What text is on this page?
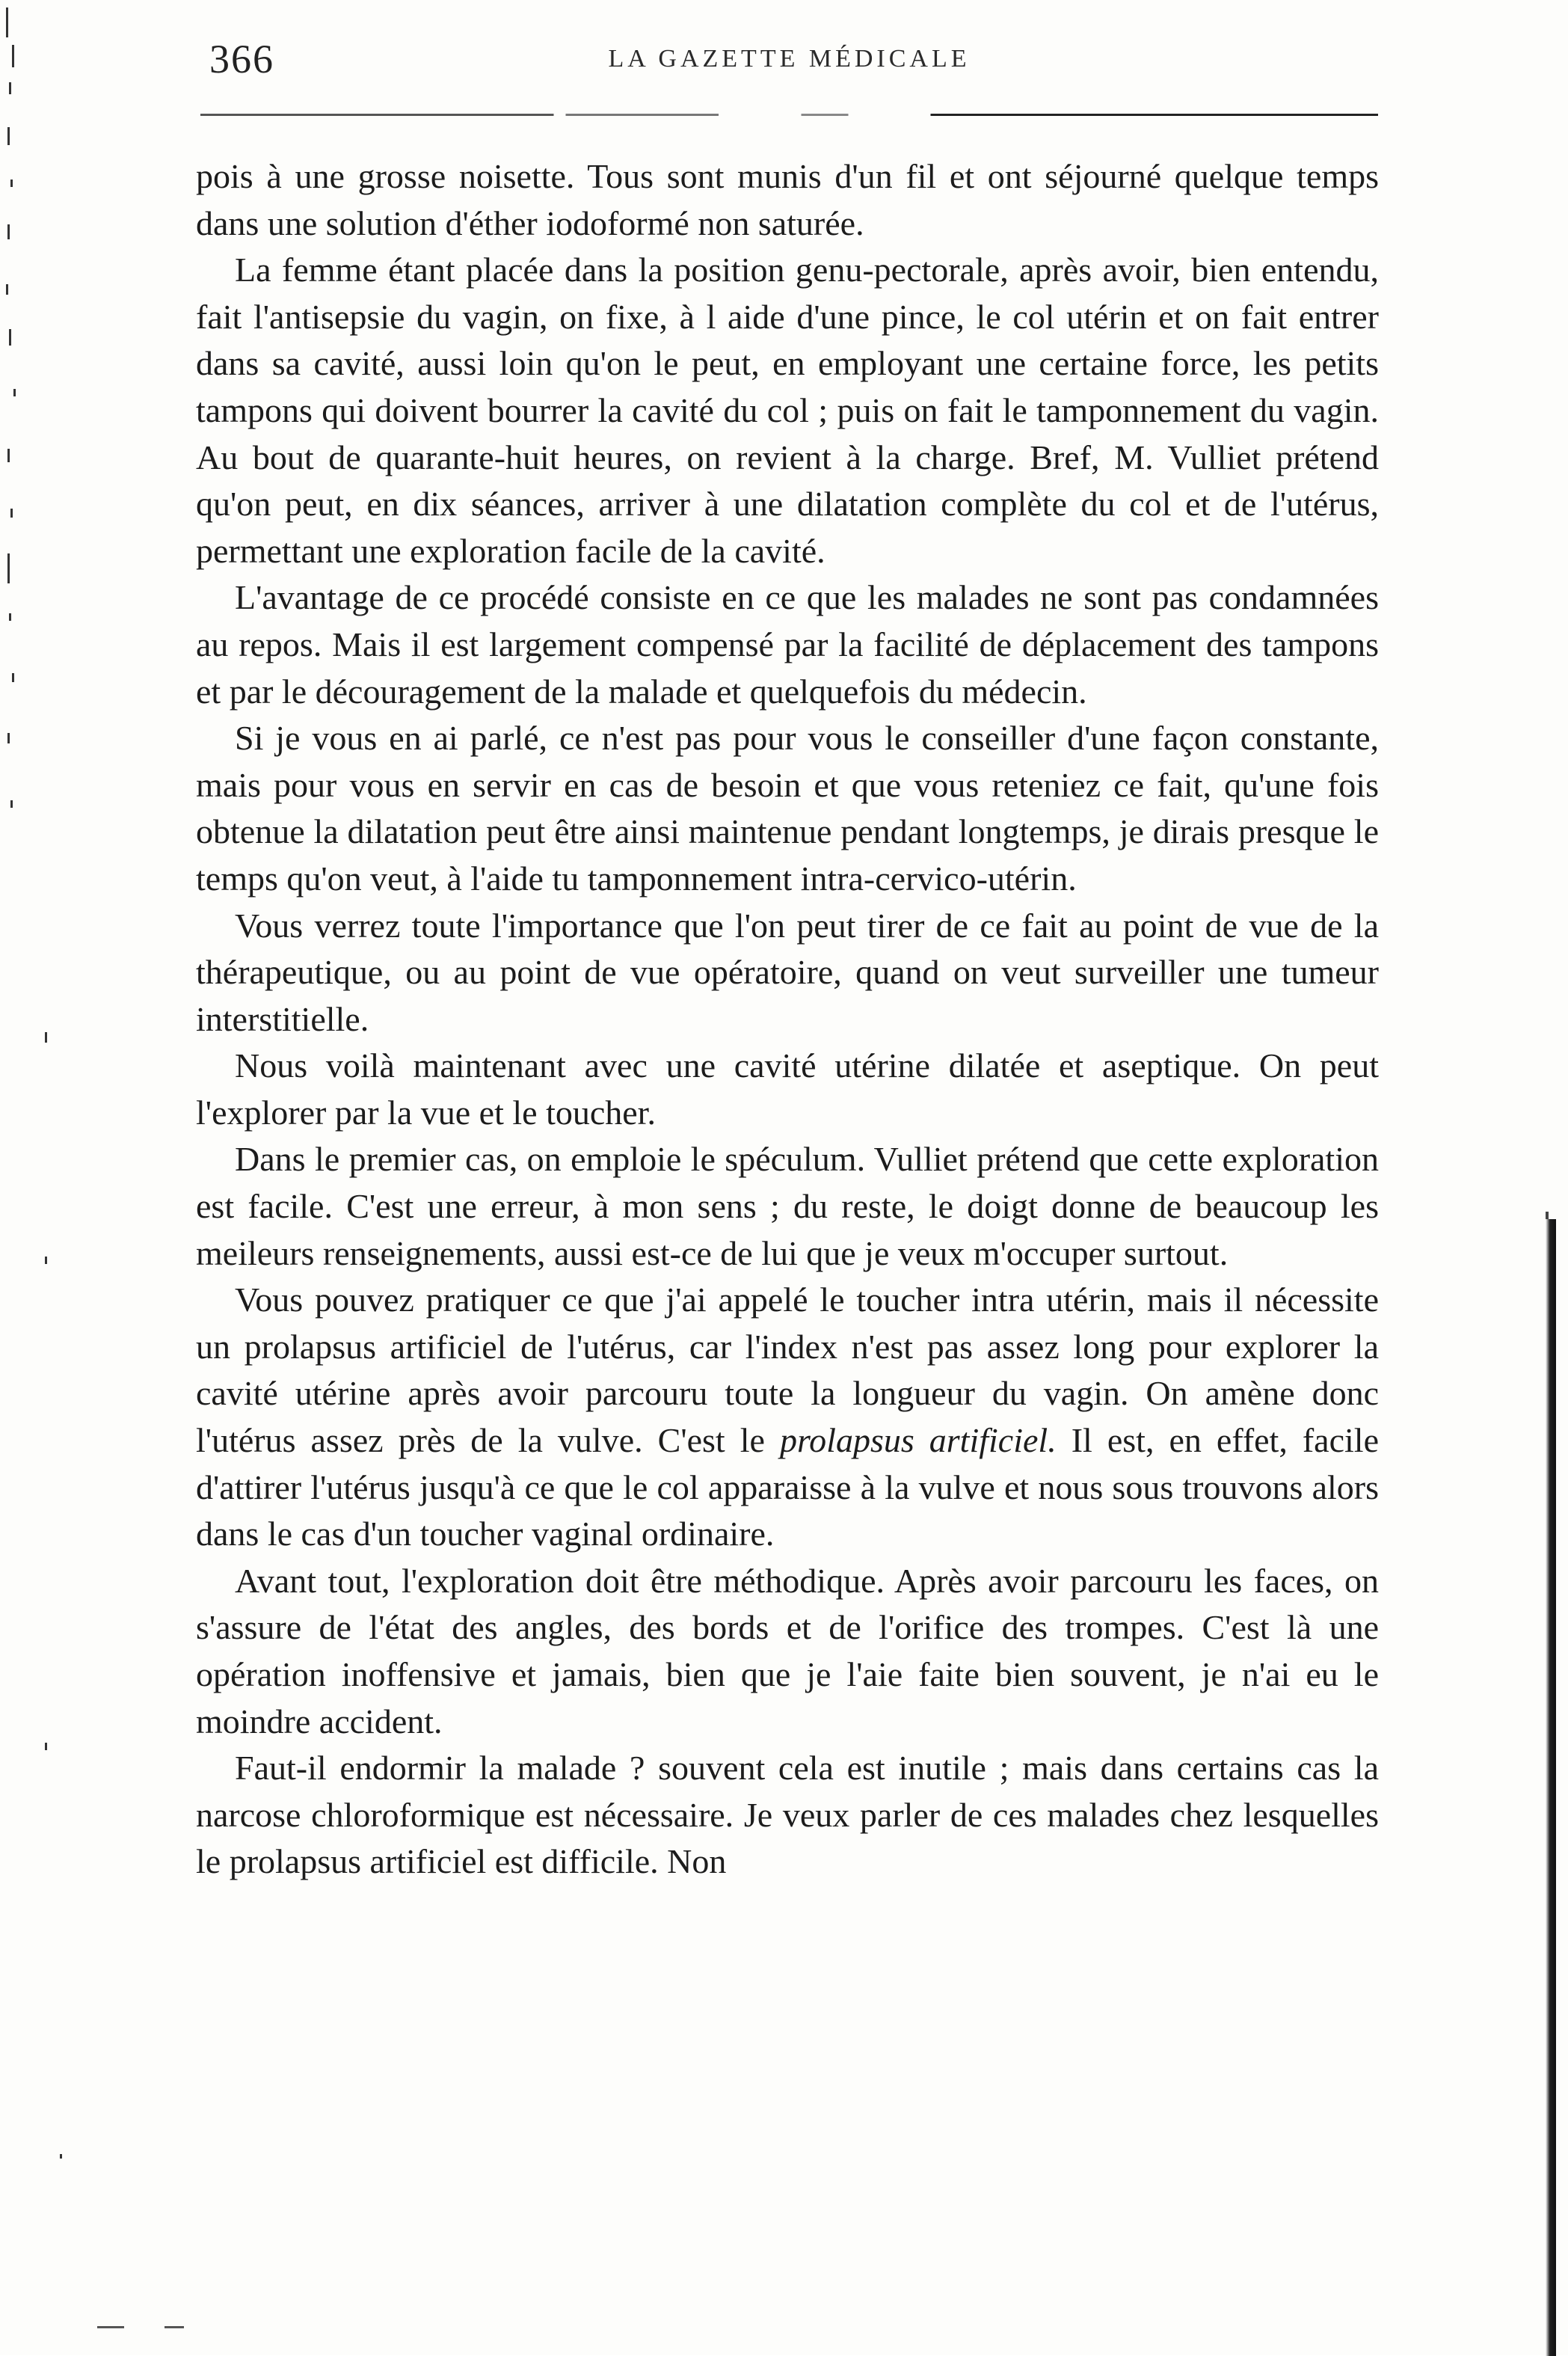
366	LA GAZETTE MÉDICALE

pois à une grosse noisette. Tous sont munis d'un fil et ont séjourné quelque temps dans une solution d'éther iodoformé non saturée.

La femme étant placée dans la position genu-pectorale, après avoir, bien entendu, fait l'antisepsie du vagin, on fixe, à l aide d'une pince, le col utérin et on fait entrer dans sa cavité, aussi loin qu'on le peut, en employant une certaine force, les petits tampons qui doivent bourrer la cavité du col ; puis on fait le tamponnement du vagin. Au bout de quarante-huit heures, on revient à la charge. Bref, M. Vulliet prétend qu'on peut, en dix séances, arriver à une dilatation complète du col et de l'utérus, permettant une exploration facile de la cavité.

L'avantage de ce procédé consiste en ce que les malades ne sont pas condamnées au repos. Mais il est largement compensé par la facilité de déplacement des tampons et par le découragement de la malade et quelquefois du médecin.

Si je vous en ai parlé, ce n'est pas pour vous le conseiller d'une façon constante, mais pour vous en servir en cas de besoin et que vous reteniez ce fait, qu'une fois obtenue la dilatation peut être ainsi maintenue pendant longtemps, je dirais presque le temps qu'on veut, à l'aide tu tamponnement intra-cervico-utérin.

Vous verrez toute l'importance que l'on peut tirer de ce fait au point de vue de la thérapeutique, ou au point de vue opératoire, quand on veut surveiller une tumeur interstitielle.

Nous voilà maintenant avec une cavité utérine dilatée et aseptique. On peut l'explorer par la vue et le toucher.

Dans le premier cas, on emploie le spéculum. Vulliet prétend que cette exploration est facile. C'est une erreur, à mon sens ; du reste, le doigt donne de beaucoup les meileurs renseignements, aussi est-ce de lui que je veux m'occuper surtout.

Vous pouvez pratiquer ce que j'ai appelé le toucher intra utérin, mais il nécessite un prolapsus artificiel de l'utérus, car l'index n'est pas assez long pour explorer la cavité utérine après avoir parcouru toute la longueur du vagin. On amène donc l'utérus assez près de la vulve. C'est le prolapsus artificiel. Il est, en effet, facile d'attirer l'utérus jusqu'à ce que le col apparaisse à la vulve et nous sous trouvons alors dans le cas d'un toucher vaginal ordinaire.

Avant tout, l'exploration doit être méthodique. Après avoir parcouru les faces, on s'assure de l'état des angles, des bords et de l'orifice des trompes. C'est là une opération inoffensive et jamais, bien que je l'aie faite bien souvent, je n'ai eu le moindre accident.

Faut-il endormir la malade ? souvent cela est inutile ; mais dans certains cas la narcose chloroformique est nécessaire. Je veux parler de ces malades chez lesquelles le prolapsus artificiel est difficile. Non
